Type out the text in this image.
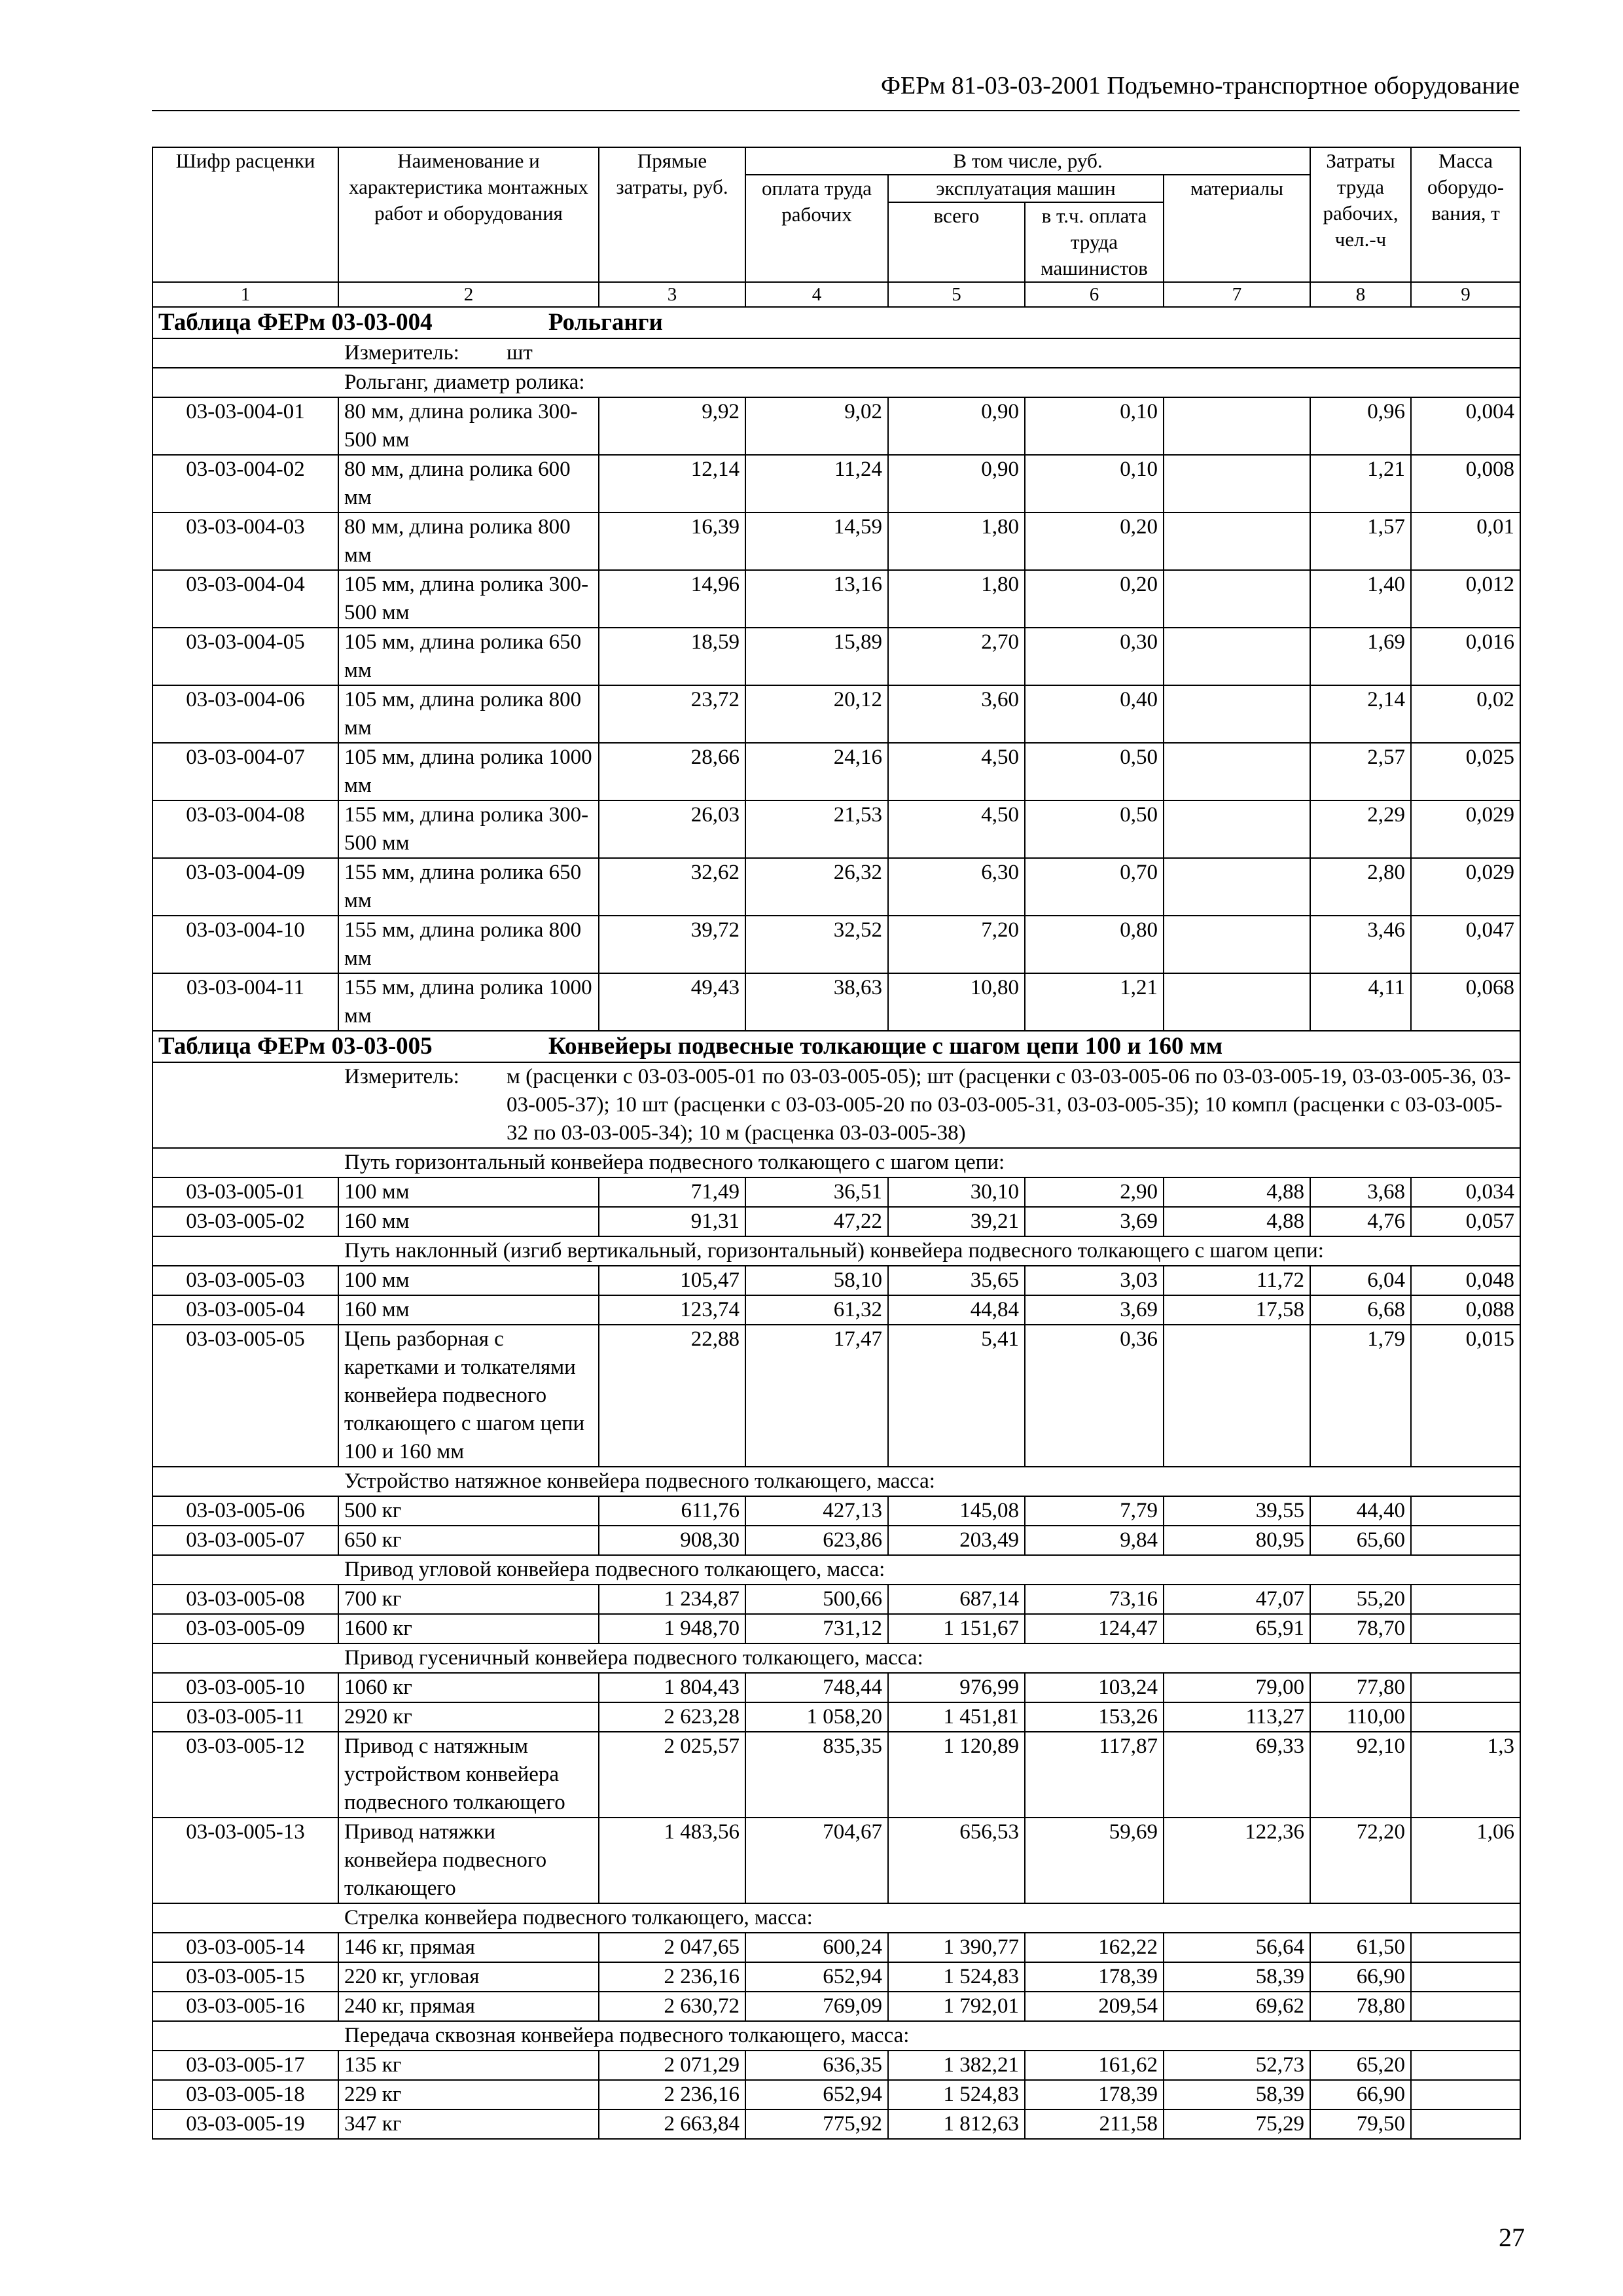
ФЕРм 81-03-03-2001 Подъемно-транспортное оборудование
Шифр расценки	Наименование и характеристика монтажных работ и оборудования	Прямые затраты, руб.	В том числе, руб.				Затраты труда рабочих, чел.-ч	Масса оборудо-вания, т
			оплата труда рабочих	эксплуатация машин		материалы		
				всего	в т.ч. оплата труда машинистов			
1	2	3	4	5	6	7	8	9
Таблица ФЕРм 03-03-004 Рольганги								

Измеритель: шт								

Рольганг, диаметр ролика:								

03-03-004-01	80 мм, длина ролика 300-500 мм	9,92	9,02	0,90	0,10		0,96	0,004
03-03-004-02	80 мм, длина ролика 600 мм	12,14	11,24	0,90	0,10		1,21	0,008
03-03-004-03	80 мм, длина ролика 800 мм	16,39	14,59	1,80	0,20		1,57	0,01
03-03-004-04	105 мм, длина ролика 300-500 мм	14,96	13,16	1,80	0,20		1,40	0,012
03-03-004-05	105 мм, длина ролика 650 мм	18,59	15,89	2,70	0,30		1,69	0,016
03-03-004-06	105 мм, длина ролика 800 мм	23,72	20,12	3,60	0,40		2,14	0,02
03-03-004-07	105 мм, длина ролика 1000 мм	28,66	24,16	4,50	0,50		2,57	0,025
03-03-004-08	155 мм, длина ролика 300-500 мм	26,03	21,53	4,50	0,50		2,29	0,029
03-03-004-09	155 мм, длина ролика 650 мм	32,62	26,32	6,30	0,70		2,80	0,029
03-03-004-10	155 мм, длина ролика 800 мм	39,72	32,52	7,20	0,80		3,46	0,047
03-03-004-11	155 мм, длина ролика 1000 мм	49,43	38,63	10,80	1,21		4,11	0,068
Таблица ФЕРм 03-03-005 Конвейеры подвесные толкающие с шагом цепи 100 и 160 мм								

Измеритель: м (расценки с 03-03-005-01 по 03-03-005-05); шт (расценки с 03-03-005-06 по 03-03-005-19, 03-03-005-36, 03-03-005-37); 10 шт (расценки с 03-03-005-20 по 03-03-005-31, 03-03-005-35); 10 компл (расценки с 03-03-005-32 по 03-03-005-34); 10 м (расценка 03-03-005-38)								

Путь горизонтальный конвейера подвесного толкающего с шагом цепи:								

03-03-005-01	100 мм	71,49	36,51	30,10	2,90	4,88	3,68	0,034
03-03-005-02	160 мм	91,31	47,22	39,21	3,69	4,88	4,76	0,057

Путь наклонный (изгиб вертикальный, горизонтальный) конвейера подвесного толкающего с шагом цепи:								

03-03-005-03	100 мм	105,47	58,10	35,65	3,03	11,72	6,04	0,048
03-03-005-04	160 мм	123,74	61,32	44,84	3,69	17,58	6,68	0,088
03-03-005-05	Цепь разборная с каретками и толкателями конвейера подвесного толкающего с шагом цепи 100 и 160 мм	22,88	17,47	5,41	0,36		1,79	0,015

Устройство натяжное конвейера подвесного толкающего, масса:								

03-03-005-06	500 кг	611,76	427,13	145,08	7,79	39,55	44,40	
03-03-005-07	650 кг	908,30	623,86	203,49	9,84	80,95	65,60	

Привод угловой конвейера подвесного толкающего, масса:								

03-03-005-08	700 кг	1 234,87	500,66	687,14	73,16	47,07	55,20	
03-03-005-09	1600 кг	1 948,70	731,12	1 151,67	124,47	65,91	78,70	

Привод гусеничный конвейера подвесного толкающего, масса:								

03-03-005-10	1060 кг	1 804,43	748,44	976,99	103,24	79,00	77,80	
03-03-005-11	2920 кг	2 623,28	1 058,20	1 451,81	153,26	113,27	110,00	
03-03-005-12	Привод с натяжным устройством конвейера подвесного толкающего	2 025,57	835,35	1 120,89	117,87	69,33	92,10	1,3
03-03-005-13	Привод натяжки конвейера подвесного толкающего	1 483,56	704,67	656,53	59,69	122,36	72,20	1,06

Стрелка конвейера подвесного толкающего, масса:								

03-03-005-14	146 кг, прямая	2 047,65	600,24	1 390,77	162,22	56,64	61,50	
03-03-005-15	220 кг, угловая	2 236,16	652,94	1 524,83	178,39	58,39	66,90	
03-03-005-16	240 кг, прямая	2 630,72	769,09	1 792,01	209,54	69,62	78,80	

Передача сквозная конвейера подвесного толкающего, масса:								

03-03-005-17	135 кг	2 071,29	636,35	1 382,21	161,62	52,73	65,20	
03-03-005-18	229 кг	2 236,16	652,94	1 524,83	178,39	58,39	66,90	
03-03-005-19	347 кг	2 663,84	775,92	1 812,63	211,58	75,29	79,50	
27
